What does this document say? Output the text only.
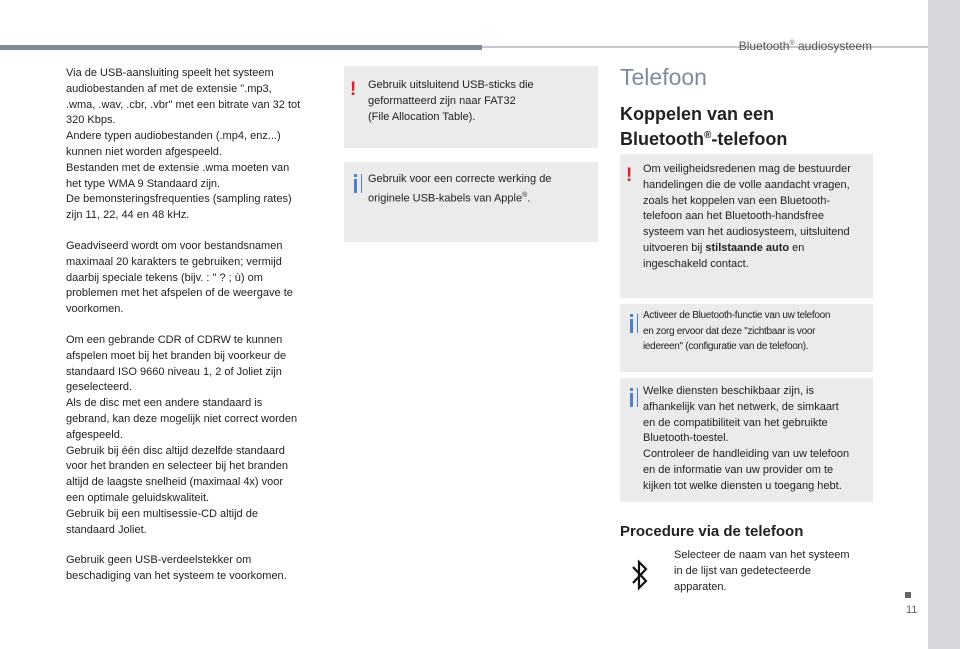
Bluetooth® audiosysteem
11

Via de USB-aansluiting speelt het systeem
audiobestanden af met de extensie ".mp3,
.wma, .wav, .cbr, .vbr" met een bitrate van 32 tot
320 Kbps.
Andere typen audiobestanden (.mp4, enz...)
kunnen niet worden afgespeeld.
Bestanden met de extensie .wma moeten van
het type WMA 9 Standaard zijn.
De bemonsteringsfrequenties (sampling rates)
zijn 11, 22, 44 en 48 kHz.

Geadviseerd wordt om voor bestandsnamen
maximaal 20 karakters te gebruiken; vermijd
daarbij speciale tekens (bijv. : " ? ; ù) om
problemen met het afspelen of de weergave te
voorkomen.

Om een gebrande CDR of CDRW te kunnen
afspelen moet bij het branden bij voorkeur de
standaard ISO 9660 niveau 1, 2 of Joliet zijn
geselecteerd.
Als de disc met een andere standaard is
gebrand, kan deze mogelijk niet correct worden
afgespeeld.
Gebruik bij één disc altijd dezelfde standaard
voor het branden en selecteer bij het branden
altijd de laagste snelheid (maximaal 4x) voor
een optimale geluidskwaliteit.
Gebruik bij een multisessie-CD altijd de
standaard Joliet.

Gebruik geen USB-verdeelstekker om
beschadiging van het systeem te voorkomen.

! Gebruik uitsluitend USB-sticks die
geformatteerd zijn naar FAT32
(File Allocation Table).
Gebruik voor een correcte werking de
originele USB-kabels van Apple®.
Telefoon
Koppelen van een
Bluetooth®-telefoon
! Om veiligheidsredenen mag de bestuurder
handelingen die de volle aandacht vragen,
zoals het koppelen van een Bluetooth-
telefoon aan het Bluetooth-handsfree
systeem van het audiosysteem, uitsluitend
uitvoeren bij stilstaande auto en
ingeschakeld contact.
Activeer de Bluetooth-functie van uw telefoon
en zorg ervoor dat deze "zichtbaar is voor
iedereen" (configuratie van de telefoon).
Welke diensten beschikbaar zijn, is
afhankelijk van het netwerk, de simkaart
en de compatibiliteit van het gebruikte
Bluetooth-toestel.
Controleer de handleiding van uw telefoon
en de informatie van uw provider om te
kijken tot welke diensten u toegang hebt.
Procedure via de telefoon
Selecteer de naam van het systeem
in de lijst van gedetecteerde
apparaten.
